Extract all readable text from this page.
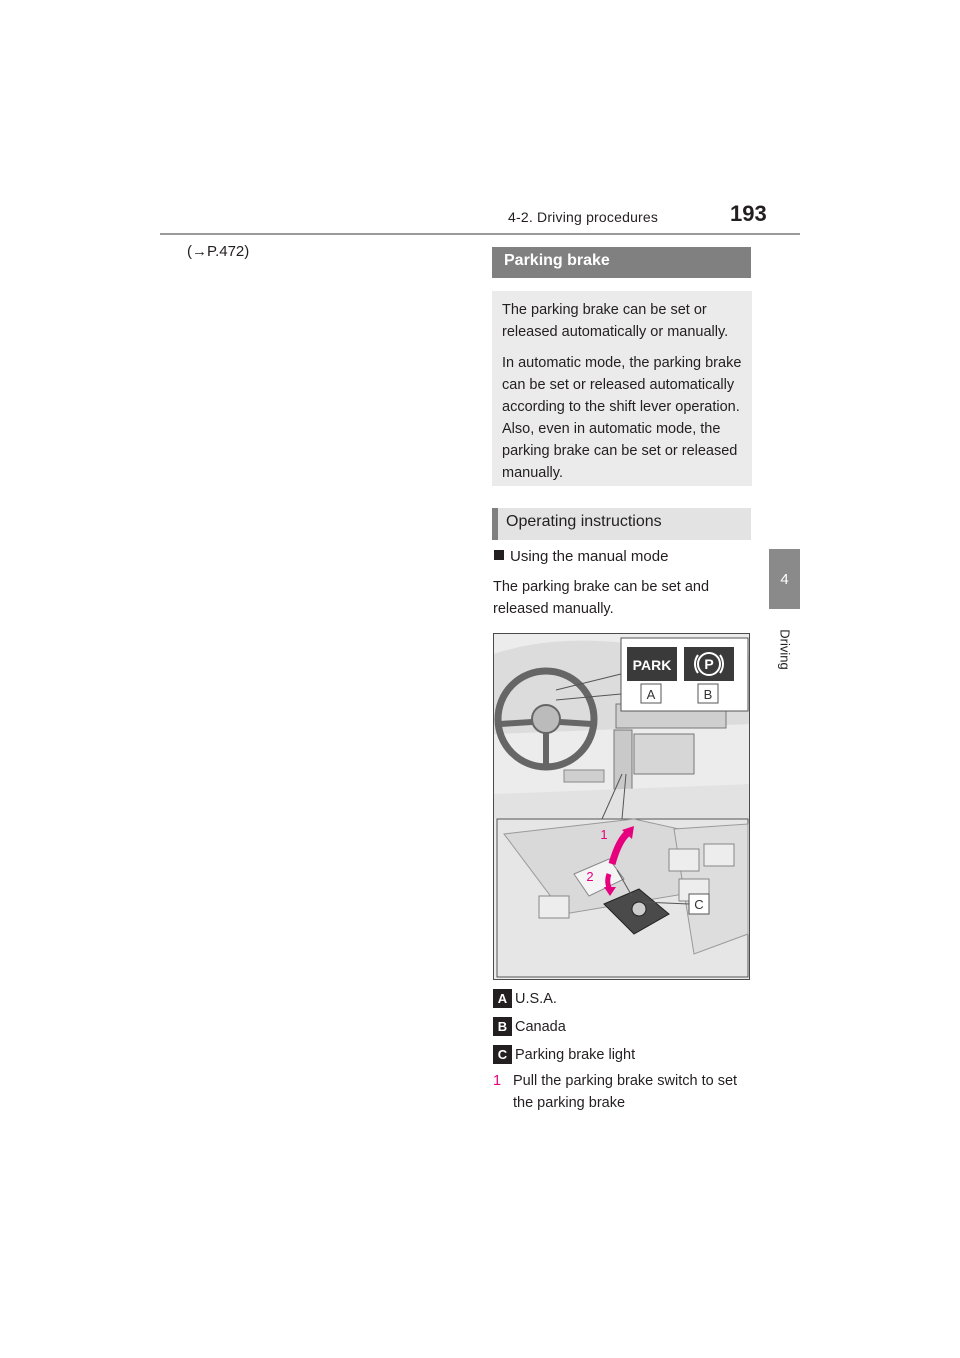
4-2. Driving procedures	193
4
Driving
(→P.472)
Parking brake

The parking brake can be set or released automatically or manually.

In automatic mode, the parking brake can be set or released automatically according to the shift lever operation. Also, even in automatic mode, the parking brake can be set or released manually.

Operating instructions
Using the manual mode
The parking brake can be set and released manually.
PARK P
A	B
C
1
2
A U.S.A.
B Canada
C Parking brake light
1 Pull the parking brake switch to set the parking brake
